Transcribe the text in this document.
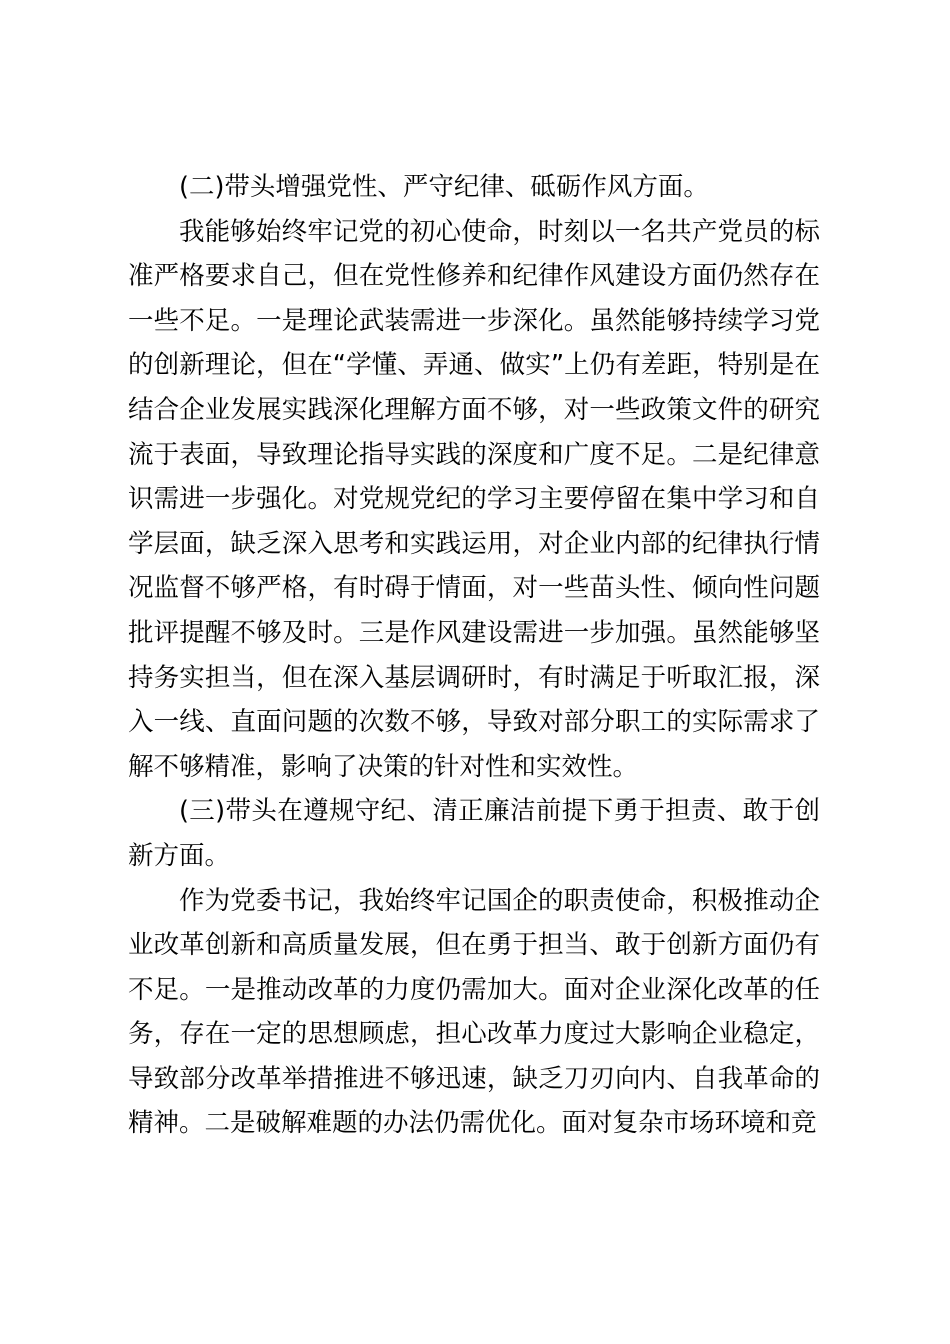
(二)带头增强党性、严守纪律、砥砺作风方面。

我能够始终牢记党的初心使命，时刻以一名共产党员的标准严格要求自己，但在党性修养和纪律作风建设方面仍然存在一些不足。一是理论武装需进一步深化。虽然能够持续学习党的创新理论，但在“学懂、弄通、做实”上仍有差距，特别是在结合企业发展实践深化理解方面不够，对一些政策文件的研究流于表面，导致理论指导实践的深度和广度不足。二是纪律意识需进一步强化。对党规党纪的学习主要停留在集中学习和自学层面，缺乏深入思考和实践运用，对企业内部的纪律执行情况监督不够严格，有时碍于情面，对一些苗头性、倾向性问题批评提醒不够及时。三是作风建设需进一步加强。虽然能够坚持务实担当，但在深入基层调研时，有时满足于听取汇报，深入一线、直面问题的次数不够，导致对部分职工的实际需求了解不够精准，影响了决策的针对性和实效性。

(三)带头在遵规守纪、清正廉洁前提下勇于担责、敢于创新方面。

作为党委书记，我始终牢记国企的职责使命，积极推动企业改革创新和高质量发展，但在勇于担当、敢于创新方面仍有不足。一是推动改革的力度仍需加大。面对企业深化改革的任务，存在一定的思想顾虑，担心改革力度过大影响企业稳定，导致部分改革举措推进不够迅速，缺乏刀刃向内、自我革命的精神。二是破解难题的办法仍需优化。面对复杂市场环境和竞
